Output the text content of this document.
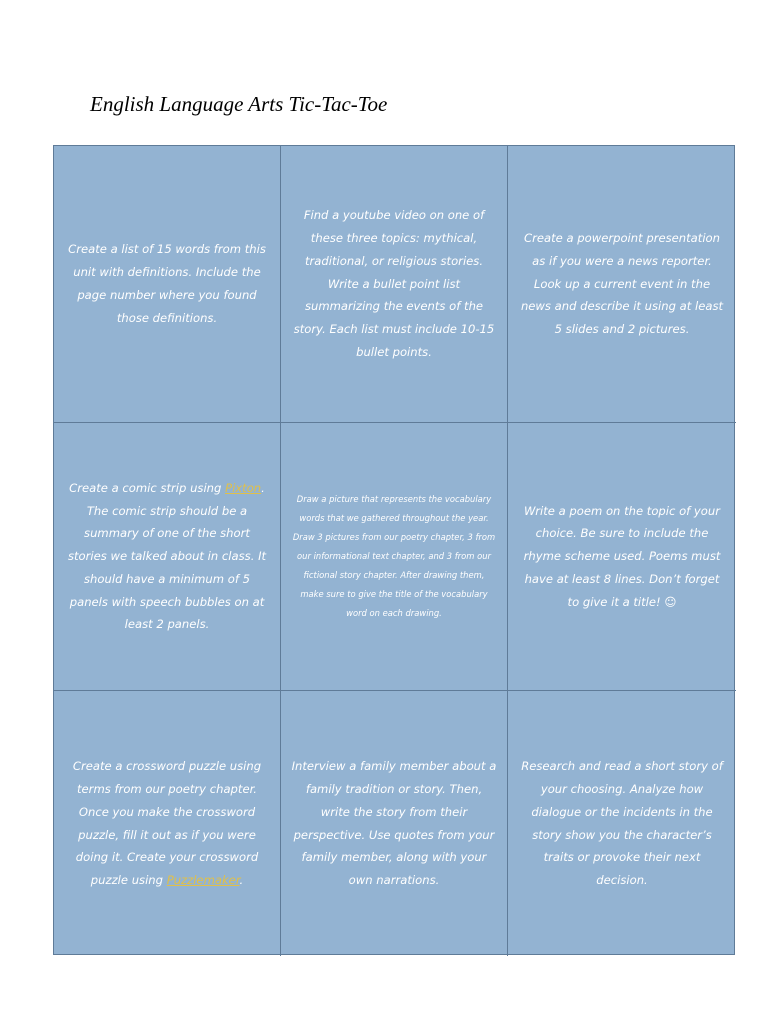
English Language Arts Tic-Tac-Toe

Create a list of 15 words from this unit with definitions. Include the page number where you found those definitions.

Find a youtube video on one of these three topics: mythical, traditional, or religious stories. Write a bullet point list summarizing the events of the story. Each list must include 10-15 bullet points.

Create a powerpoint presentation as if you were a news reporter. Look up a current event in the news and describe it using at least 5 slides and 2 pictures.

Create a comic strip using Pixton. The comic strip should be a summary of one of the short stories we talked about in class. It should have a minimum of 5 panels with speech bubbles on at least 2 panels.

Draw a picture that represents the vocabulary words that we gathered throughout the year. Draw 3 pictures from our poetry chapter, 3 from our informational text chapter, and 3 from our fictional story chapter. After drawing them, make sure to give the title of the vocabulary word on each drawing.

Write a poem on the topic of your choice. Be sure to include the rhyme scheme used. Poems must have at least 8 lines. Don’t forget to give it a title! ☺

Create a crossword puzzle using terms from our poetry chapter. Once you make the crossword puzzle, fill it out as if you were doing it. Create your crossword puzzle using Puzzlemaker.

Interview a family member about a family tradition or story. Then, write the story from their perspective. Use quotes from your family member, along with your own narrations.

Research and read a short story of your choosing. Analyze how dialogue or the incidents in the story show you the character’s traits or provoke their next decision.
